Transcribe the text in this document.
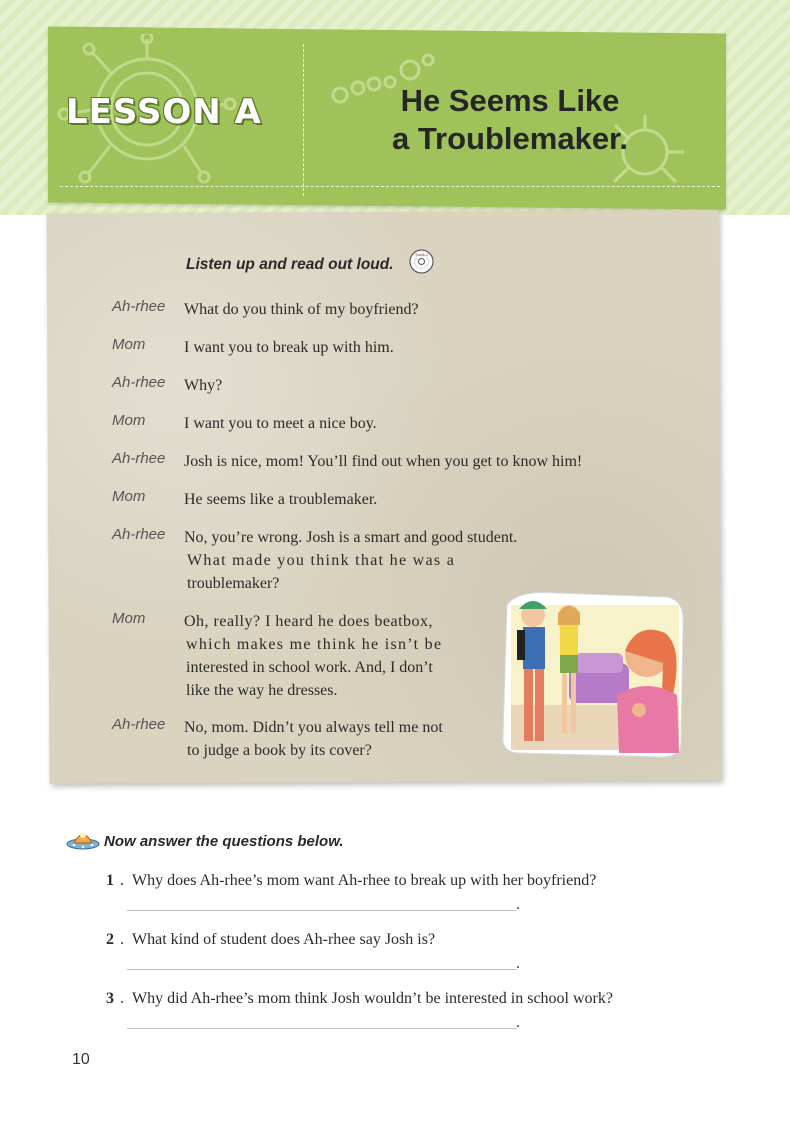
LESSON A	He Seems Like
a Troublemaker.
Listen up and read out loud.
Track 1
Ah-rhee	What do you think of my boyfriend?
Mom	I want you to break up with him.
Ah-rhee	Why?
Mom	I want you to meet a nice boy.
Ah-rhee	Josh is nice, mom! You’ll find out when you get to know him!
Mom	He seems like a troublemaker.
Ah-rhee	No, you’re wrong. Josh is a smart and good student.
What made you think that he was a
troublemaker?
Mom	Oh, really? I heard he does beatbox,
which makes me think he isn’t be
interested in school work. And, I don’t
like the way he dresses.
Ah-rhee	No, mom. Didn’t you always tell me not
to judge a book by its cover?
Now answer the questions below.
1 . Why does Ah-rhee’s mom want Ah-rhee to break up with her boyfriend?
.
2 . What kind of student does Ah-rhee say Josh is?
.
3 . Why did Ah-rhee’s mom think Josh wouldn’t be interested in school work?
.
10
